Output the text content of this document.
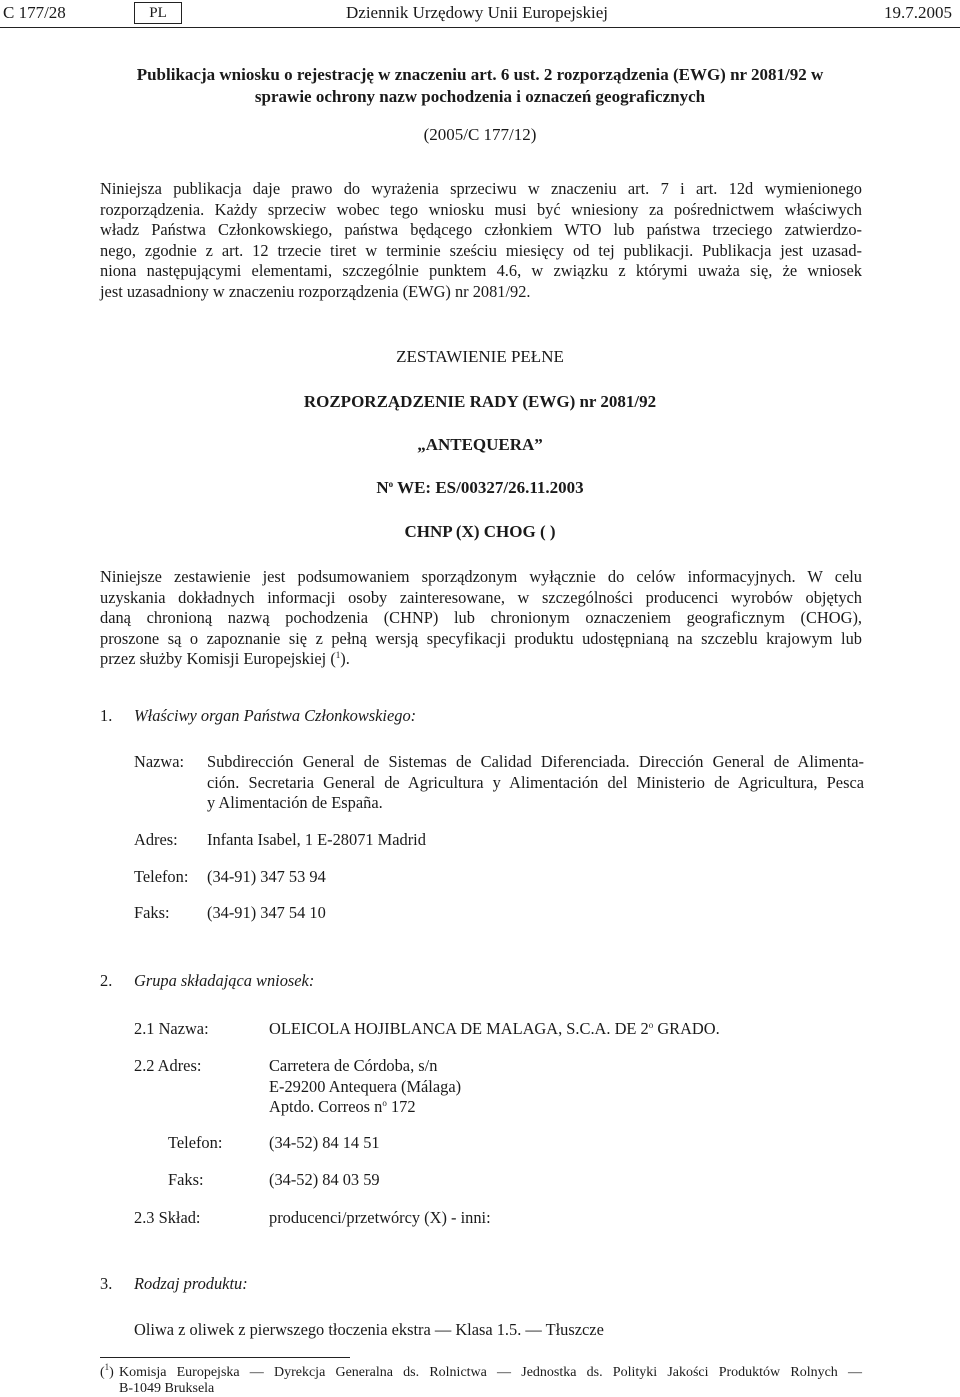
C 177/28	PL	Dziennik Urzędowy Unii Europejskiej	19.7.2005
Publikacja wniosku o rejestrację w znaczeniu art. 6 ust. 2 rozporządzenia (EWG) nr 2081/92 w
sprawie ochrony nazw pochodzenia i oznaczeń geograficznych
(2005/C 177/12)
Niniejsza publikacja daje prawo do wyrażenia sprzeciwu w znaczeniu art. 7 i art. 12d wymienionego
rozporządzenia. Każdy sprzeciw wobec tego wniosku musi być wniesiony za pośrednictwem właściwych
władz Państwa Członkowskiego, państwa będącego członkiem WTO lub państwa trzeciego zatwierdzo-
nego, zgodnie z art. 12 trzecie tiret w terminie sześciu miesięcy od tej publikacji. Publikacja jest uzasad-
niona następującymi elementami, szczególnie punktem 4.6, w związku z którymi uważa się, że wniosek
jest uzasadniony w znaczeniu rozporządzenia (EWG) nr 2081/92.
ZESTAWIENIE PEŁNE
ROZPORZĄDZENIE RADY (EWG) nr 2081/92
„ANTEQUERA”
$N^o$ WE: ES/00327/26.11.2003
CHNP (X) CHOG ( )
Niniejsze zestawienie jest podsumowaniem sporządzonym wyłącznie do celów informacyjnych. W celu
uzyskania dokładnych informacji osoby zainteresowane, w szczególności producenci wyrobów objętych
daną chronioną nazwą pochodzenia (CHNP) lub chronionym oznaczeniem geograficznym (CHOG),
proszone są o zapoznanie się z pełną wersją specyfikacji produktu udostępnianą na szczeblu krajowym lub
przez służby Komisji Europejskiej ($^1$).
1. Właściwy organ Państwa Członkowskiego:
Nazwa: Subdirección General de Sistemas de Calidad Diferenciada. Dirección General de Alimenta-
ción. Secretaria General de Agricultura y Alimentación del Ministerio de Agricultura, Pesca
y Alimentación de España.
Adres: Infanta Isabel, 1 E-28071 Madrid
Telefon: (34-91) 347 53 94
Faks: (34-91) 347 54 10
2. Grupa składająca wniosek:
2.1 Nazwa:	OLEICOLA HOJIBLANCA DE MALAGA, S.C.A. DE 2$^o$ GRADO.
2.2 Adres:	Carretera de Córdoba, s/n
E-29200 Antequera (Málaga)
Aptdo. Correos $n^o$ 172
Telefon:	(34-52) 84 14 51
Faks:	(34-52) 84 03 59
2.3 Skład:	producenci/przetwórcy (X) - inni:
3. Rodzaj produktu:
Oliwa z oliwek z pierwszego tłoczenia ekstra — Klasa 1.5. — Tłuszcze
($^1$) Komisja Europejska — Dyrekcja Generalna ds. Rolnictwa — Jednostka ds. Polityki Jakości Produktów Rolnych —
B-1049 Bruksela
